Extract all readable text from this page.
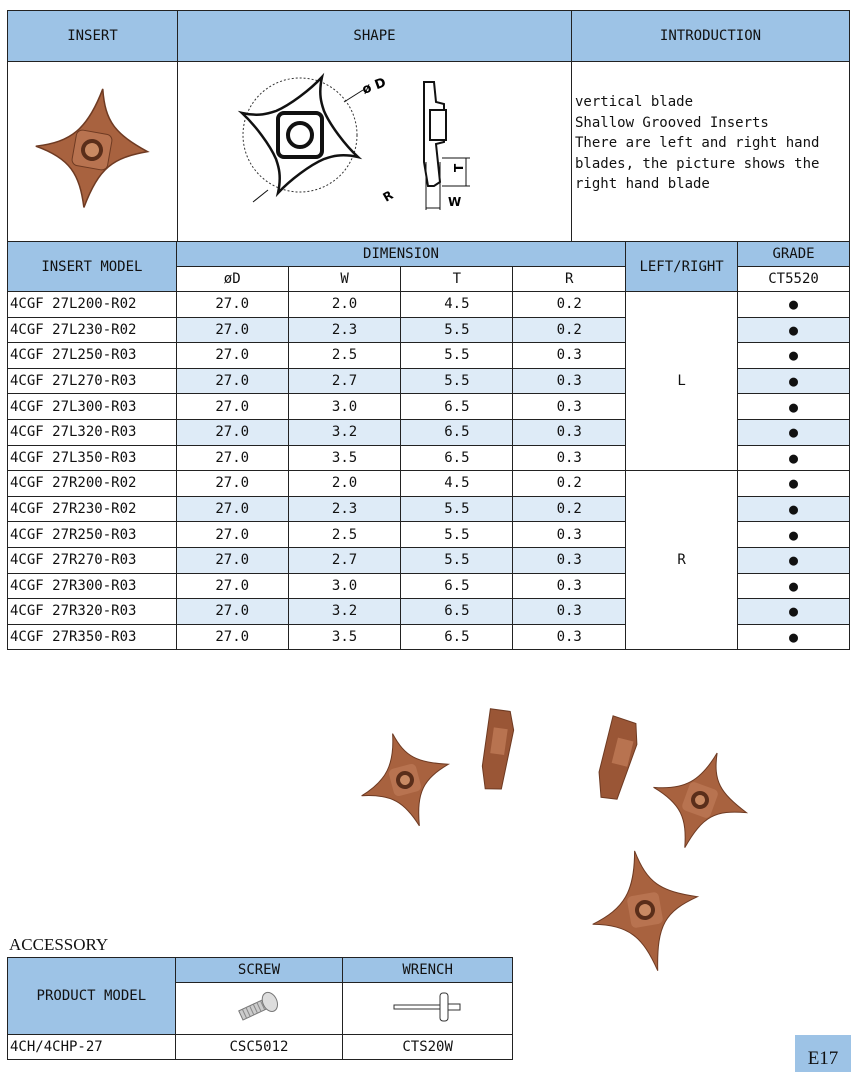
INSERT	SHAPE	INTRODUCTION

ø D
R
T
W	vertical blade
Shallow Grooved Inserts
There are left and right hand
blades, the picture shows the
right hand blade
INSERT MODEL	DIMENSION				LEFT/RIGHT	GRADE
	øD	W	T	R		CT5520
4CGF 27L200-R02	27.0	2.0	4.5	0.2	L	●
4CGF 27L230-R02	27.0	2.3	5.5	0.2		●
4CGF 27L250-R03	27.0	2.5	5.5	0.3		●
4CGF 27L270-R03	27.0	2.7	5.5	0.3		●
4CGF 27L300-R03	27.0	3.0	6.5	0.3		●
4CGF 27L320-R03	27.0	3.2	6.5	0.3		●
4CGF 27L350-R03	27.0	3.5	6.5	0.3		●
4CGF 27R200-R02	27.0	2.0	4.5	0.2	R	●
4CGF 27R230-R02	27.0	2.3	5.5	0.2		●
4CGF 27R250-R03	27.0	2.5	5.5	0.3		●
4CGF 27R270-R03	27.0	2.7	5.5	0.3		●
4CGF 27R300-R03	27.0	3.0	6.5	0.3		●
4CGF 27R320-R03	27.0	3.2	6.5	0.3		●
4CGF 27R350-R03	27.0	3.5	6.5	0.3		●
ACCESSORY
PRODUCT MODEL	SCREW	WRENCH

4CH/4CHP-27	CSC5012	CTS20W
E17
